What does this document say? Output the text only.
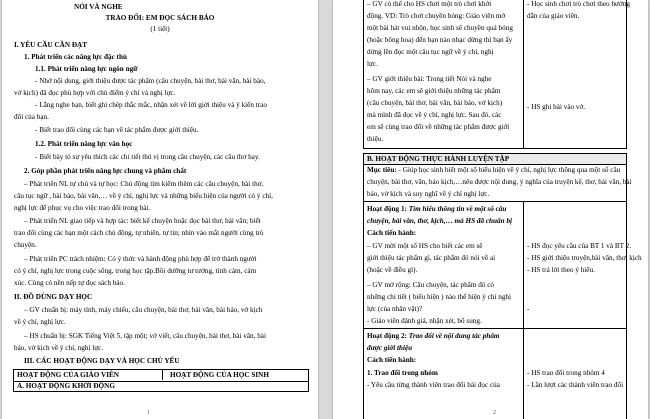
NÓI VÀ NGHE
TRAO ĐỔI: EM ĐỌC SÁCH BÁO
(1 tiết)
I. YÊU CẦU CẦN ĐẠT
1. Phát triển các năng lực đặc thù
1.1. Phát triển năng lực ngôn ngữ
- Nhớ nội dung, giới thiệu được tác phẩm (câu chuyện, bài thơ, bài văn, bài báo,
vở kịch) đã đọc phù hợp với chủ điểm ý chí và nghị lực.
- Lắng nghe bạn, biết ghi chép thắc mắc, nhận xét về lời giới thiệu và ý kiến trao
đổi của bạn.
- Biết trao đổi cùng các bạn về tác phẩm được giới thiệu.
1.2. Phát triển năng lực văn học
- Biết bày tỏ sự yêu thích các chi tiết thú vị trong câu chuyện, các câu thơ hay.
2. Góp phần phát triển năng lực chung và phẩm chất
– Phát triển NL tự chủ và tự học: Chủ động tìm kiếm thêm các câu chuyện, bài thơ,
câu tục ngữ , bài báo, bài văn,… về ý chí, nghị lực và những biểu hiện của người có ý chí,
nghị lực để phục vụ cho việc trao đổi trong bài.
– Phát triển NL giao tiếp và hợp tác: biết kể chuyện hoặc đọc bài thơ, bài văn; biết
trao đổi cùng các bạn một cách chủ động, tự nhiên, tự tin; nhìn vào mắt người cùng trò
chuyện.
– Phát triển PC trách nhiệm: Có ý thức và hành động phù hợp để trở thành người
có ý chí, nghị lực trong cuộc sống, trong học tập.Bồi dưỡng tư tưởng, tình cảm, cảm
xúc. Cùng có nền nếp tự đọc sách báo.
II. ĐỒ DÙNG DẠY HỌC
– GV chuẩn bị: máy tính, máy chiếu, câu chuyện, bài thơ, bài văn, bài báo, vở kịch
về ý chí, nghị lực.
– HS chuẩn bị: SGK Tiếng Việt 5, tập một; vở viết, câu chuyện, bài thơ, bài văn, bài
báo, vở kịch về ý chí, nghị lực.
III. CÁC HOẠT ĐỘNG DẠY VÀ HỌC CHỦ YẾU
HOẠT ĐỘNG CỦA GIÁO VIÊN	HOẠT ĐỘNG CỦA HỌC SINH
A. HOẠT ĐỘNG KHỞI ĐỘNG
1
– GV có thể cho HS chơi một trò chơi khởi
động. VD: Trò chơi chuyền bóng: Giáo viên mở
một bài hát vui nhộn, học sinh sẽ chuyền quả bóng
(hoặc bông hoa) đến bạn nào nhạc dừng thì bạn ấy
dừng lên đọc một câu tục ngữ về ý chí, nghị
lực.
- Học sinh chơi trò chơi theo hướng
dẫn của giáo viên.
– GV giới thiệu bài: Trong tiết Nói và nghe
hôm nay, các em sẽ giới thiệu những tác phẩm
(câu chuyện, bài thơ, bài văn, bài báo, vở kịch)
mà mình đã đọc về ý chí, nghị lực. Sau đó, các
em sẽ cùng trao đổi về những tác phẩm được giới
thiệu.
- HS ghi bài vào vở.
B. HOẠT ĐỘNG THỰC HÀNH LUYỆN TẬP
Mục tiêu: - Giúp học sinh biết một số biểu hiện về ý chí, nghị lực thông qua một số câu
chuyện, bài thơ, văn, báo kịch,…nêu được nội dung, ý nghĩa của truyện kể, thơ, bài văn, bài
báo, vở kịch và suy nghĩ về ý chí nghị lực.
Hoạt động 1: Tìm hiểu thông tin về một số câu
chuyện, bài văn, thơ, kịch,… mà HS đã chuẩn bị
Cách tiến hành:
– GV mời một số HS cho biết các em sẽ
giới thiệu tác phẩm gì, tác phẩm đó nói về ai
(hoặc về điều gì).
– GV mở rộng: Câu chuyện, tác phẩm đó có
những chi tiết ( biểu hiện ) nào thể hiện ý chí nghị
lực (của nhân vật)?
- Giáo viên đánh giá, nhận xét, bổ sung.
- HS đọc yêu cầu của BT 1 và BT 2.
- HS giới thiệu truyện,bài văn, thơ, kịch
- HS trả lời theo ý hiểu.
-
Hoạt động 2: Trao đổi về nội dung tác phẩm
được giới thiệu
Cách tiến hành:
1. Trao đổi trong nhóm
- Yêu cầu từng thành viên trao đổi bài đọc của
- HS trao đổi trong nhóm 4
- Lần lượt các thành viên trao đổi
2
